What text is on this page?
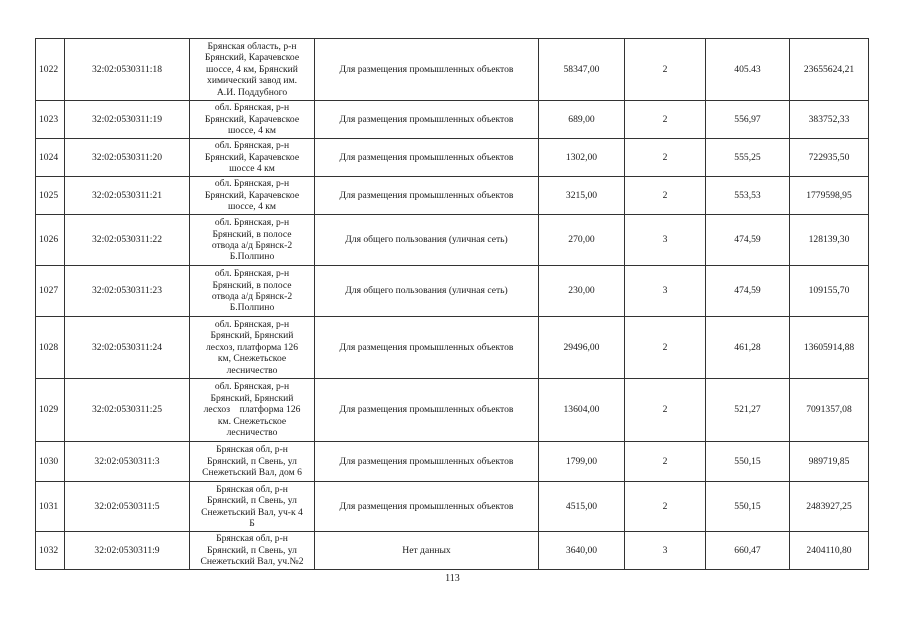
1022	32:02:0530311:18	Брянская область, р-н
Брянский, Карачевское
шоссе, 4 км, Брянский
химический завод им.
А.И. Поддубного	Для размещения промышленных объектов	58347,00	2	405.43	23655624,21
1023	32:02:0530311:19	обл. Брянская, р-н
Брянский, Карачевское
шоссе, 4 км	Для размещения промышленных объектов	689,00	2	556,97	383752,33
1024	32:02:0530311:20	обл. Брянская, р-н
Брянский, Карачевское
шоссе 4 км	Для размещения промышленных объектов	1302,00	2	555,25	722935,50
1025	32:02:0530311:21	обл. Брянская, р-н
Брянский, Карачевское
шоссе, 4 км	Для размещения промышленных объектов	3215,00	2	553,53	1779598,95
1026	32:02:0530311:22	обл. Брянская, р-н
Брянский, в полосе
отвода а/д Брянск-2
Б.Полпино	Для общего пользования (уличная сеть)	270,00	3	474,59	128139,30
1027	32:02:0530311:23	обл. Брянская, р-н
Брянский, в полосе
отвода а/д Брянск-2
Б.Полпино	Для общего пользования (уличная сеть)	230,00	3	474,59	109155,70
1028	32:02:0530311:24	обл. Брянская, р-н
Брянский, Брянский
лесхоз, платформа 126
км, Снежетьское
лесничество	Для размещения промышленных объектов	29496,00	2	461,28	13605914,88
1029	32:02:0530311:25	обл. Брянская, р-н
Брянский, Брянский
лесхоз    платформа 126
км. Снежетьское
лесничество	Для размещения промышленных объектов	13604,00	2	521,27	7091357,08
1030	32:02:0530311:3	Брянская обл, р-н
Брянский, п Свень, ул
Снежетьский Вал, дом 6	Для размещения промышленных объектов	1799,00	2	550,15	989719,85
1031	32:02:0530311:5	Брянская обл, р-н
Брянский, п Свень, ул
Снежетьский Вал, уч-к 4
Б	Для размещения промышленных объектов	4515,00	2	550,15	2483927,25
1032	32:02:0530311:9	Брянская обл, р-н
Брянский, п Свень, ул
Снежетьский Вал, уч.№2	Нет данных	3640,00	3	660,47	2404110,80
113
